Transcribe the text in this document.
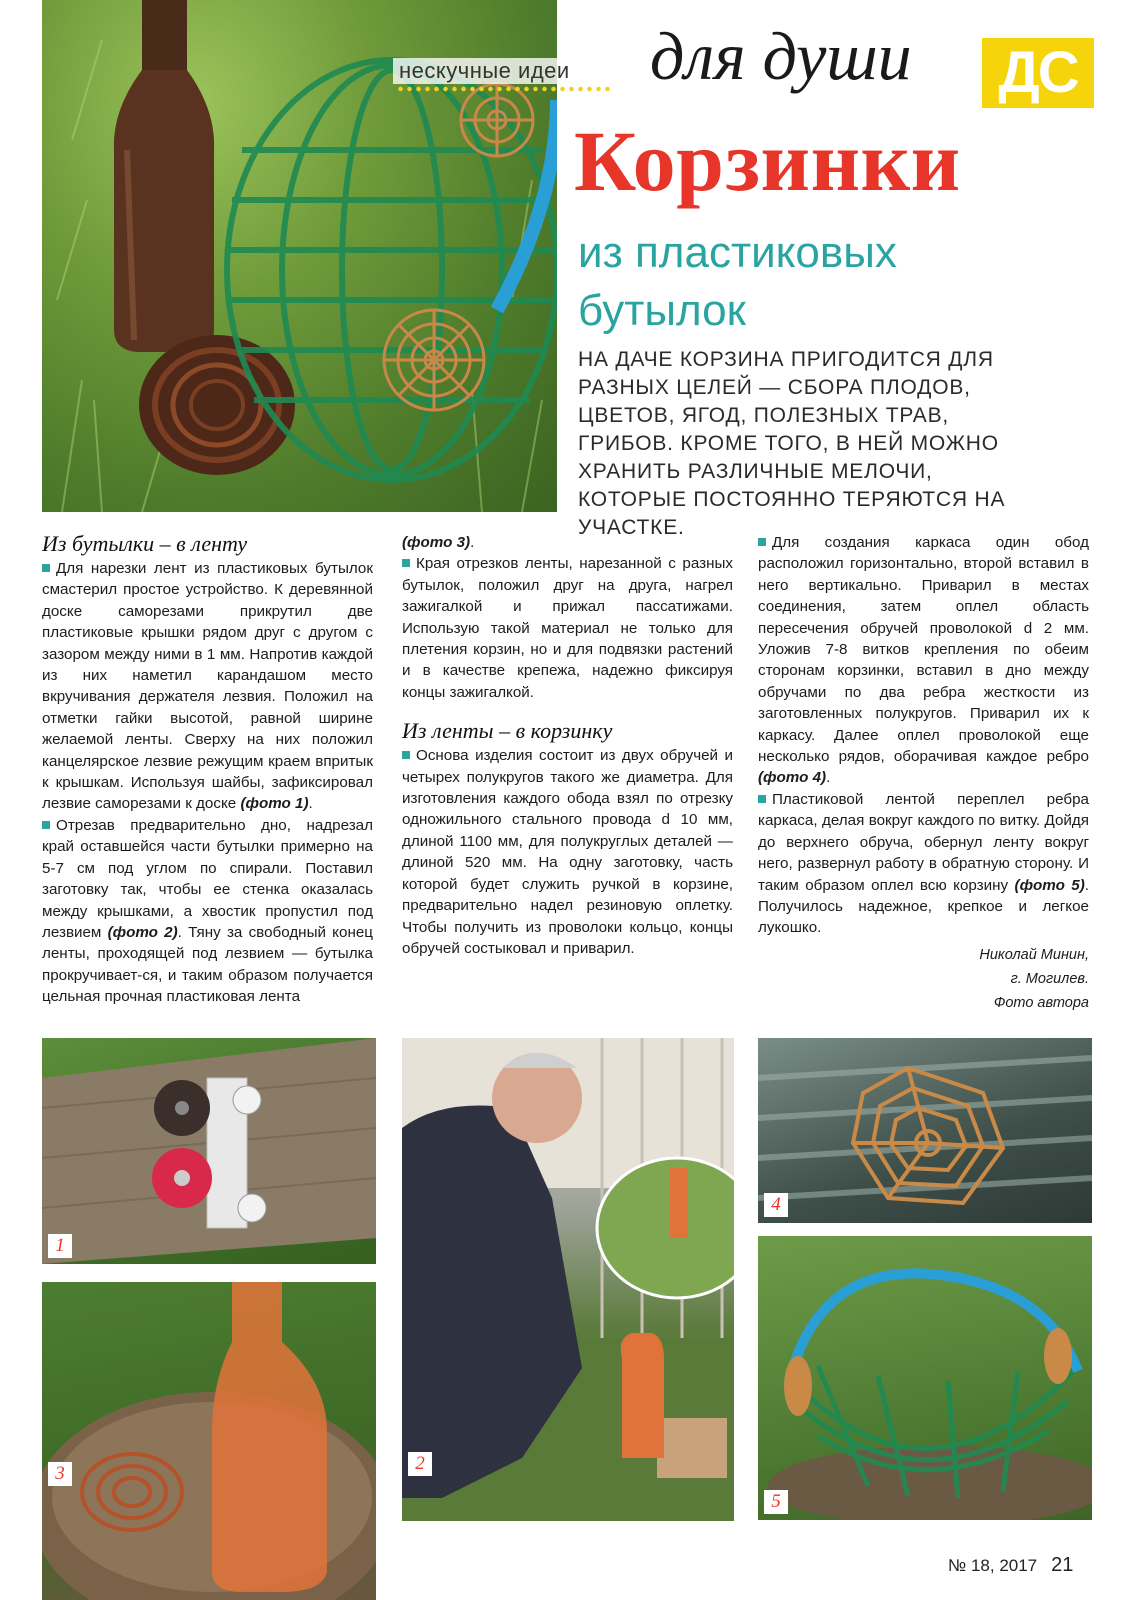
нескучные идеи для души ДС
Корзинки
из пластиковых
бутылок
НА ДАЧЕ КОРЗИНА ПРИГОДИТСЯ ДЛЯ РАЗНЫХ ЦЕЛЕЙ — СБОРА ПЛОДОВ, ЦВЕТОВ, ЯГОД, ПОЛЕЗНЫХ ТРАВ, ГРИБОВ. КРОМЕ ТОГО, В НЕЙ МОЖНО ХРАНИТЬ РАЗЛИЧНЫЕ МЕЛОЧИ, КОТОРЫЕ ПОСТОЯННО ТЕРЯЮТСЯ НА УЧАСТКЕ.
Из бутылки – в ленту

Для нарезки лент из пластиковых бутылок смастерил простое устройство. К деревянной доске саморезами прикрутил две пластиковые крышки рядом друг с другом с зазором между ними в 1 мм. Напротив каждой из них наметил карандашом место вкручивания держателя лезвия. Положил на отметки гайки высотой, равной ширине желаемой ленты. Сверху на них положил канцелярское лезвие режущим краем впритык к крышкам. Используя шайбы, зафиксировал лезвие саморезами к доске (фото 1).

Отрезав предварительно дно, надрезал край оставшейся части бутылки примерно на 5-7 см под углом по спирали. Поставил заготовку так, чтобы ее стенка оказалась между крышками, а хвостик пропустил под лезвием (фото 2). Тяну за свободный конец ленты, проходящей под лезвием — бутылка прокручивает-ся, и таким образом получается цельная прочная пластиковая лента

(фото 3).

Края отрезков ленты, нарезанной с разных бутылок, положил друг на друга, нагрел зажигалкой и прижал пассатижами. Использую такой материал не только для плетения корзин, но и для подвязки растений и в качестве крепежа, надежно фиксируя концы зажигалкой.

Из ленты – в корзинку

Основа изделия состоит из двух обручей и четырех полукругов такого же диаметра. Для изготовления каждого обода взял по отрезку одножильного стального провода d 10 мм, длиной 1100 мм, для полукруглых деталей — длиной 520 мм. На одну заготовку, часть которой будет служить ручкой в корзине, предварительно надел резиновую оплетку. Чтобы получить из проволоки кольцо, концы обручей состыковал и приварил.

Для создания каркаса один обод расположил горизонтально, второй вставил в него вертикально. Приварил в местах соединения, затем оплел область пересечения обручей проволокой d 2 мм. Уложив 7-8 витков крепления по обеим сторонам корзинки, вставил в дно между обручами по два ребра жесткости из заготовленных полукругов. Приварил их к каркасу. Далее оплел проволокой еще несколько рядов, оборачивая каждое ребро (фото 4).

Пластиковой лентой переплел ребра каркаса, делая вокруг каждого по витку. Дойдя до верхнего обруча, обернул ленту вокруг него, развернул работу в обратную сторону. И таким образом оплел всю корзину (фото 5). Получилось надежное, крепкое и легкое лукошко.

Николай Минин,
г. Могилев.
Фото автора
1
3	2
4
5
№ 18, 2017 21
